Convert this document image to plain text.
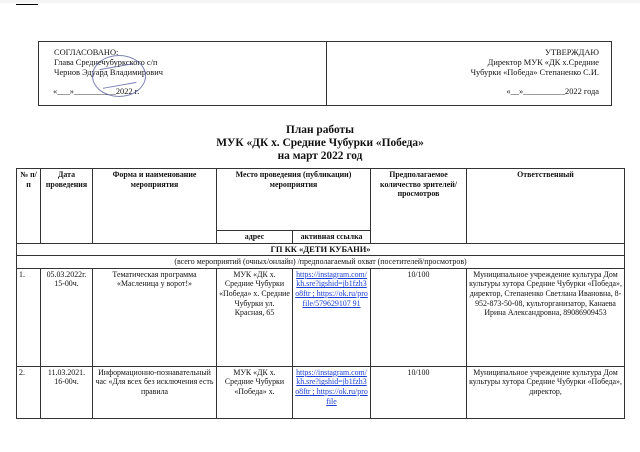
СОГЛАСОВАНО:
Глава Среднечубуркского с/п
Чернов Эдуард Владимирович
«___»__________2022 г.
УТВЕРЖДАЮ
Директор МУК «ДК х.Средние
Чубурки «Победа» Степаненко С.И.
«__»__________2022 года
План работы
МУК «ДК х. Средние Чубурки «Победа»
на март 2022 год
№ п/п	Дата проведения	Форма и наименование мероприятия	Место проведения (публикации) мероприятия		Предполагаемое количество зрителей/ просмотров	Ответственный
			адрес	активная ссылка		
ГП КК «ДЕТИ КУБАНИ»						
(всего мероприятий (очных/онлайн) /предполагаемый охват (посетителей/просмотров)						
1.	05.03.2022г. 15-00ч.	Тематическая программа «Масленица у ворот!»	МУК «ДК х. Средние Чубурки «Победа» х. Средние Чубурки ул. Красная, 65	https://instagram.com/kh.sre?igshid=jb1fzh3o8ftr ; https://ok.ru/profile/579629107 91	10/100	Муниципальное учреждение культура Дом культуры хутора Средние Чубурки «Победа», директор, Степаненко Светлана Ивановна, 8-952-873-50-08, культорганизатор, Канаева Ирина Александровна, 89086909453
2.	11.03.2021. 16-00ч.	Информационно-познавательный час «Для всех без исключения есть правила	МУК «ДК х. Средние Чубурки «Победа» х.	https://instagram.com/kh.sre?igshid=jb1fzh3o8ftr ; https://ok.ru/profile	10/100	Муниципальное учреждение культура Дом культуры хутора Средние Чубурки «Победа», директор,
